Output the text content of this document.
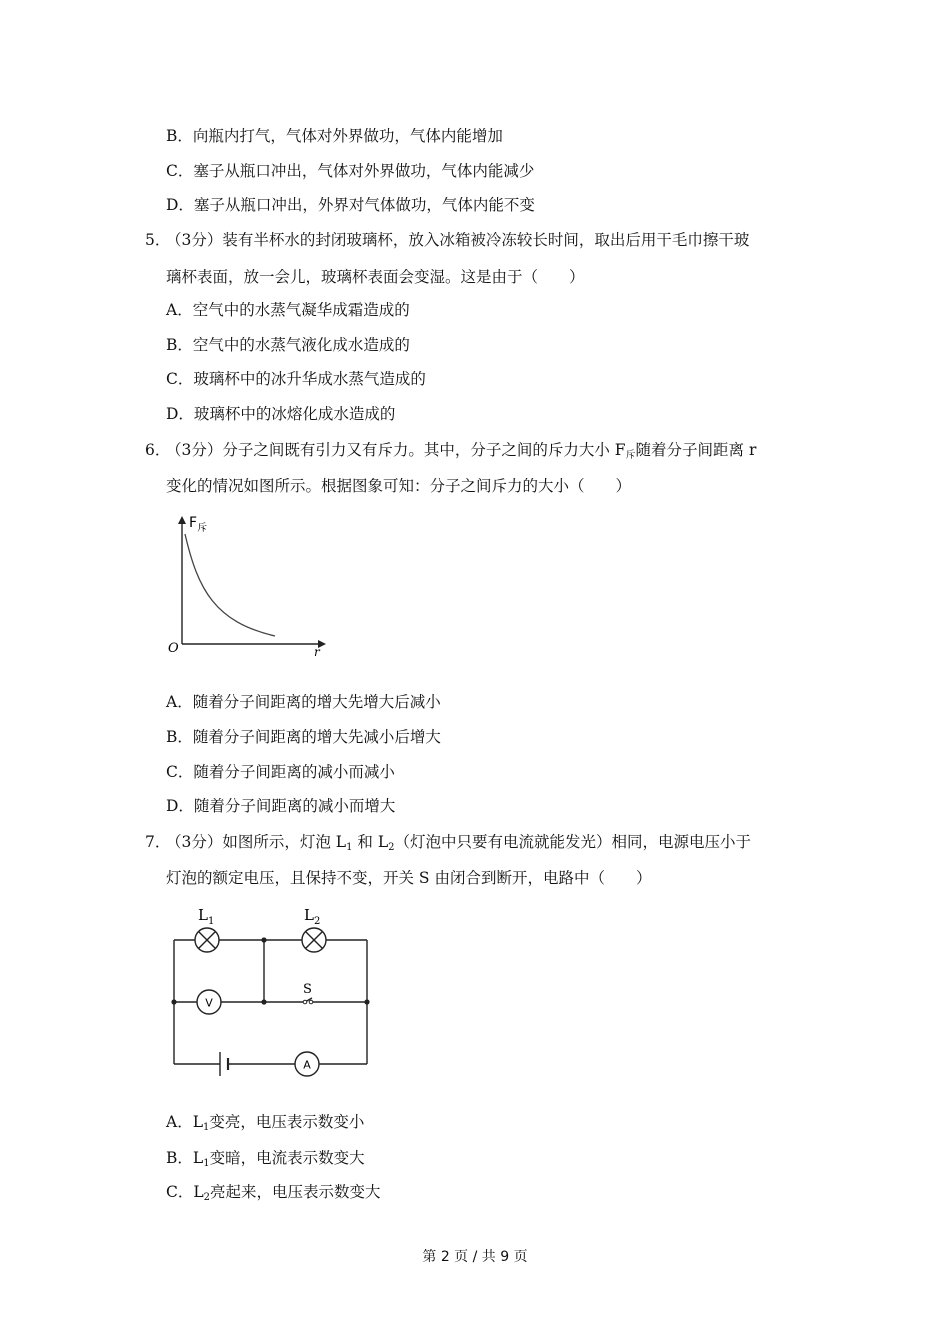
B．向瓶内打气，气体对外界做功，气体内能增加
C．塞子从瓶口冲出，气体对外界做功，气体内能减少
D．塞子从瓶口冲出，外界对气体做功，气体内能不变
5．
（3分）装有半杯水的封闭玻璃杯，放入冰箱被冷冻较长时间，取出后用干毛巾擦干玻
璃杯表面，放一会儿，玻璃杯表面会变湿。这是由于（　　）
A．空气中的水蒸气凝华成霜造成的
B．空气中的水蒸气液化成水造成的
C．玻璃杯中的冰升华成水蒸气造成的
D．玻璃杯中的冰熔化成水造成的
6．
（3分）分子之间既有引力又有斥力。其中，分子之间的斥力大小 $F_斥$随着分子间距离 r
变化的情况如图所示。根据图象可知：分子之间斥力的大小（　　）
$F_斥$
O	r
A．随着分子间距离的增大先增大后减小
B．随着分子间距离的增大先减小后增大
C．随着分子间距离的减小而减小
D．随着分子间距离的减小而增大
7．
（3分）如图所示，灯泡 $L_1$ 和 $L_2$（灯泡中只要有电流就能发光）相同，电源电压小于
灯泡的额定电压，且保持不变，开关 S 由闭合到断开，电路中（　　）
$L_1$	$L_2$
S
V
A
A．$L_1$变亮，电压表示数变小
B．$L_1$变暗，电流表示数变大
C．$L_2$亮起来，电压表示数变大
第 2 页 / 共 9 页
